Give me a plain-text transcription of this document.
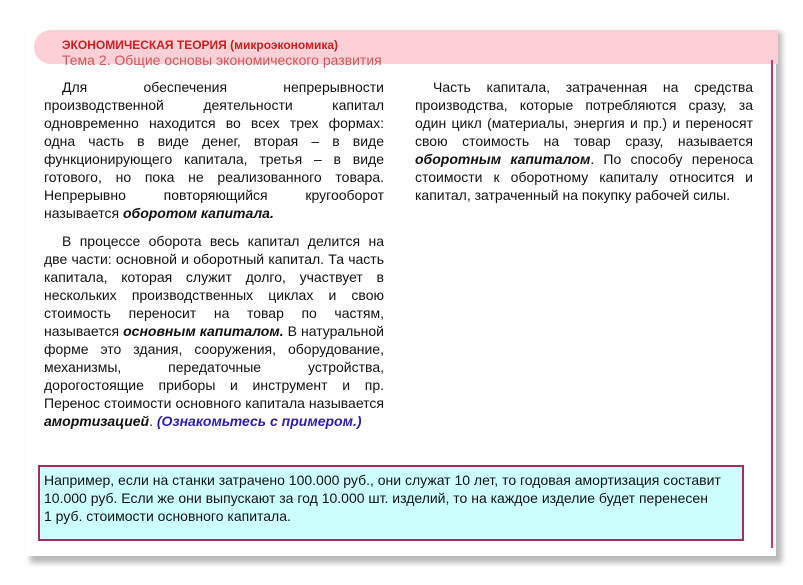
ЭКОНОМИЧЕСКАЯ ТЕОРИЯ (микроэкономика)
Тема 2. Общие основы экономического развития

Для обеспечения непрерывности производственной деятельности капитал одновременно находится во всех трех формах: одна часть в виде денег, вторая – в виде функционирующего капитала, третья – в виде готового, но пока не реализованного товара. Непрерывно повторяющийся кругооборот называется оборотом капитала.

В процессе оборота весь капитал делится на две части: основной и оборотный капитал. Та часть капитала, которая служит долго, участвует в нескольких производственных циклах и свою стоимость переносит на товар по частям, называется основным капиталом. В натуральной форме это здания, сооружения, оборудование, механизмы, передаточные устройства, дорогостоящие приборы и инструмент и пр. Перенос стоимости основного капитала называется амортизацией. (Ознакомьтесь с примером.)

Часть капитала, затраченная на средства производства, которые потребляются сразу, за один цикл (материалы, энергия и пр.) и переносят свою стоимость на товар сразу, называется оборотным капиталом. По способу переноса стоимости к оборотному капиталу относится и капитал, затраченный на покупку рабочей силы.

Например, если на станки затрачено 100.000 руб., они служат 10 лет, то годовая амортизация составит
10.000 руб. Если же они выпускают за год 10.000 шт. изделий, то на каждое изделие будет перенесен
1 руб. стоимости основного капитала.
